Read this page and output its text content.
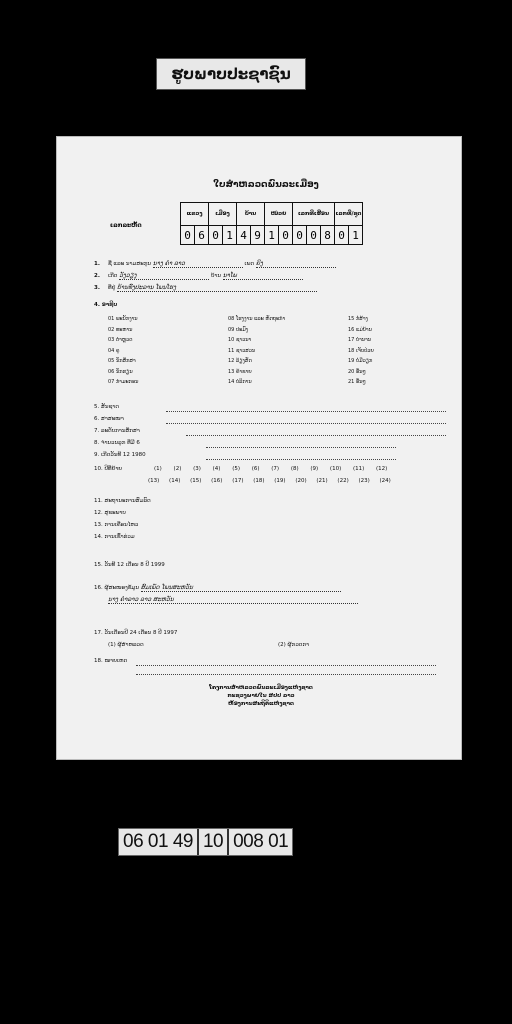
ຮູບພາບປະຊາຊົນ
ໃບສຳຫລວດພົນລະເມືອງ
ເລກລະຫັດ
ແຂວງ		ເມືອງ		ບ້ານ		ໜ່ວຍ		ເລກທີ່ເຮືອນ			ເລກທີ່/ຊຸດ	
0	6	0	1	4	9	1	0	0	0	8	0	1
1. ຊື່ ແລະ ນາມສະກຸນ ນາງ ຄຳ ລາວ	ເພດ ຍິງ
2. ເກີດ ວັງວຽງ	ບ້ານ ນາໂພ
3. ທີ່ຢູ່ ບ້ານທົ່ງປະລານ ໂພນໂຮງ
4. ອາຊີບ
01 ພະນັກງານ
02 ທະຫານ
03 ຕຳຫຼວດ
04 ຄູ
05 ນັກສຶກສາ
06 ນັກຮຽນ
07 ກຳມະກອນ
08 ໂຮງງານ ແລະ ຫັດຖະກຳ
09 ປະມົງ
10 ຊາວນາ
11 ຊາວສວນ
12 ລ້ຽງສັດ
13 ຄ້າຂາຍ
14 ບໍລິການ
15 ກໍ່ສ້າງ
16 ແມ່ບ້ານ
17 ບໍານານ
18 ເຈັບປ່ວຍ
19 ບໍ່ມີວຽກ
20 ອື່ນໆ
21 ອື່ນໆ
5. ສັນຊາດ
6. ສາສະໜາ
7. ລະດັບການສຶກສາ
8. ຈຳນວນລູກ ທີ່ມີ 6
9. ເກີດວັນທີ 12 1980
10. ປີທີ່ຍ້າຍ	(1) (2) (3) (4) (5) (6) (7) (8) (9) (10) (11) (12)
(13) (14) (15) (16) (17) (18) (19) (20) (21) (22) (23) (24)
11. ສະຖານະການສົມລົດ
12. ສຸຂະພາບ
13. ການເຄື່ອນໄຫວ
14. ການເຂົ້າຮ່ວມ
15. ວັນທີ 12 ເດືອນ 8 ປີ 1999
16. ຜູ້ສະໜອງຂໍ້ມູນ ສົມເພັດ ໂພນສະຫວັນ
ນາງ ຄຳລາວ ລາວ ສະຫວັນ
17. ວັນເດືອນປີ 24 ເດືອນ 8 ປີ 1997
(1) ຜູ້ສຳຫລວດ	(2) ຜູ້ກວດກາ
18. ໝາຍເຫດ
ໂຄງການສຳຫລວດພົນລະເມືອງແຫ່ງຊາດ
ກະຊວງພາຍໃນ ສປປ ລາວ
ຫ້ອງການສະຖິຕິແຫ່ງຊາດ
06 01 49 10 008 01
